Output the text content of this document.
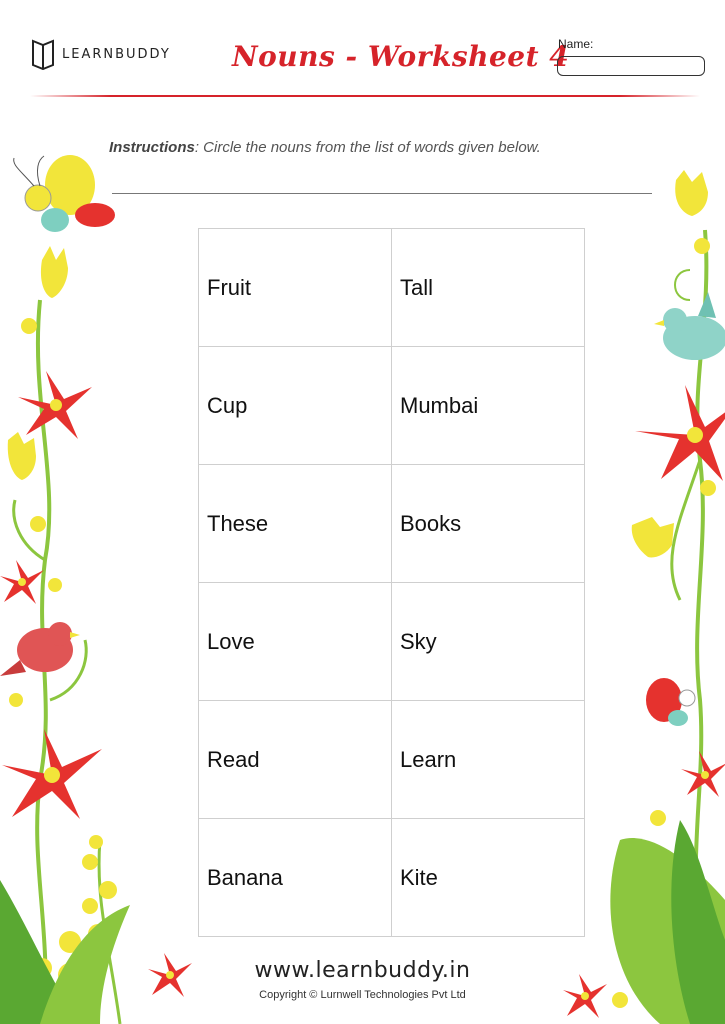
LEARNBUDDY Nouns - Worksheet 4
Name:
Instructions: Circle the nouns from the list of words given below.
Fruit	Tall
Cup	Mumbai
These	Books
Love	Sky
Read	Learn
Banana	Kite
www.learnbuddy.in
Copyright © Lurnwell Technologies Pvt Ltd
